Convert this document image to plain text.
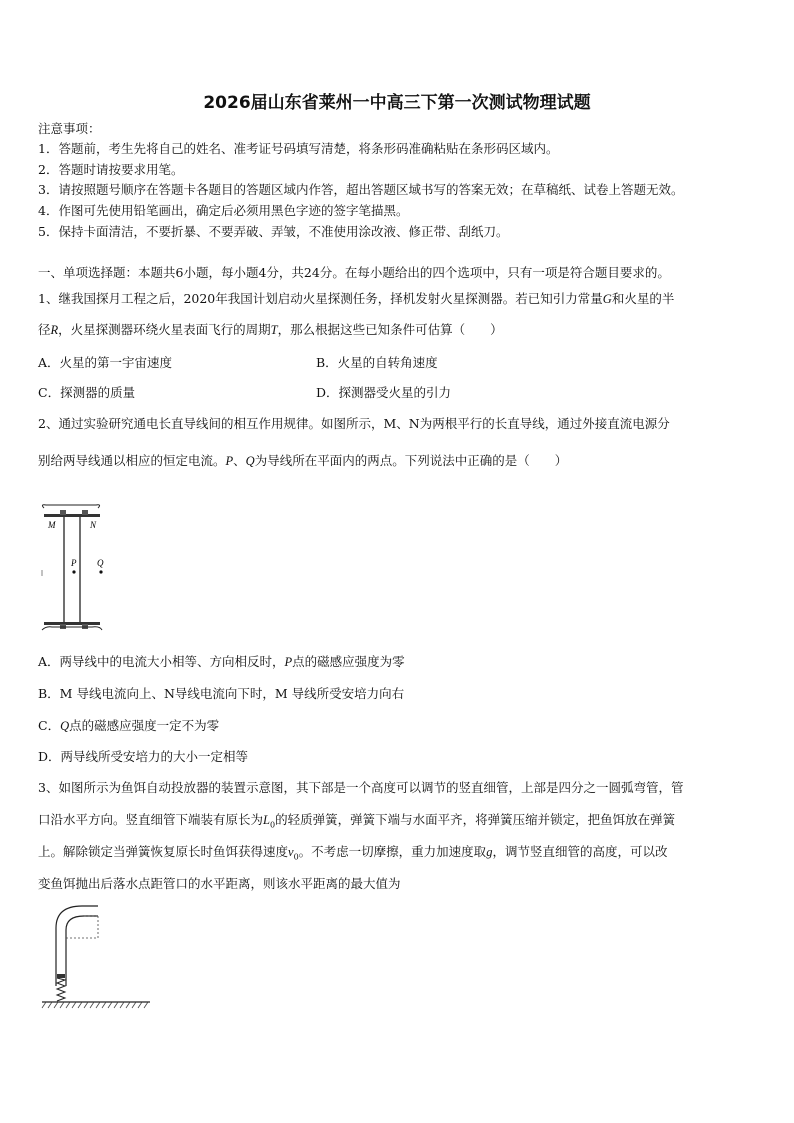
2026届山东省莱州一中高三下第一次测试物理试题
注意事项：
1．答题前，考生先将自己的姓名、准考证号码填写清楚，将条形码准确粘贴在条形码区域内。
2．答题时请按要求用笔。
3．请按照题号顺序在答题卡各题目的答题区域内作答，超出答题区域书写的答案无效；在草稿纸、试卷上答题无效。
4．作图可先使用铅笔画出，确定后必须用黑色字迹的签字笔描黑。
5．保持卡面清洁，不要折暴、不要弄破、弄皱，不准使用涂改液、修正带、刮纸刀。
一、单项选择题：本题共6小题，每小题4分，共24分。在每小题给出的四个选项中，只有一项是符合题目要求的。
1、继我国探月工程之后，2020年我国计划启动火星探测任务，择机发射火星探测器。若已知引力常量G和火星的半
径R，火星探测器环绕火星表面飞行的周期T，那么根据这些已知条件可估算（　　）
A．火星的第一宇宙速度	B．火星的自转角速度
C．探测器的质量	D．探测器受火星的引力
2、通过实验研究通电长直导线间的相互作用规律。如图所示，M、N为两根平行的长直导线，通过外接直流电源分
别给两导线通以相应的恒定电流。P、Q为导线所在平面内的两点。下列说法中正确的是（　　）
M	N
P Q
A．两导线中的电流大小相等、方向相反时，P点的磁感应强度为零
B．M 导线电流向上、N导线电流向下时，M 导线所受安培力向右
C．Q点的磁感应强度一定不为零
D．两导线所受安培力的大小一定相等
3、如图所示为鱼饵自动投放器的装置示意图，其下部是一个高度可以调节的竖直细管，上部是四分之一圆弧弯管，管
口沿水平方向。竖直细管下端装有原长为$L_0$的轻质弹簧，弹簧下端与水面平齐，将弹簧压缩并锁定，把鱼饵放在弹簧
上。解除锁定当弹簧恢复原长时鱼饵获得速度$v_0$。不考虑一切摩擦，重力加速度取g，调节竖直细管的高度，可以改
变鱼饵抛出后落水点距管口的水平距离，则该水平距离的最大值为
